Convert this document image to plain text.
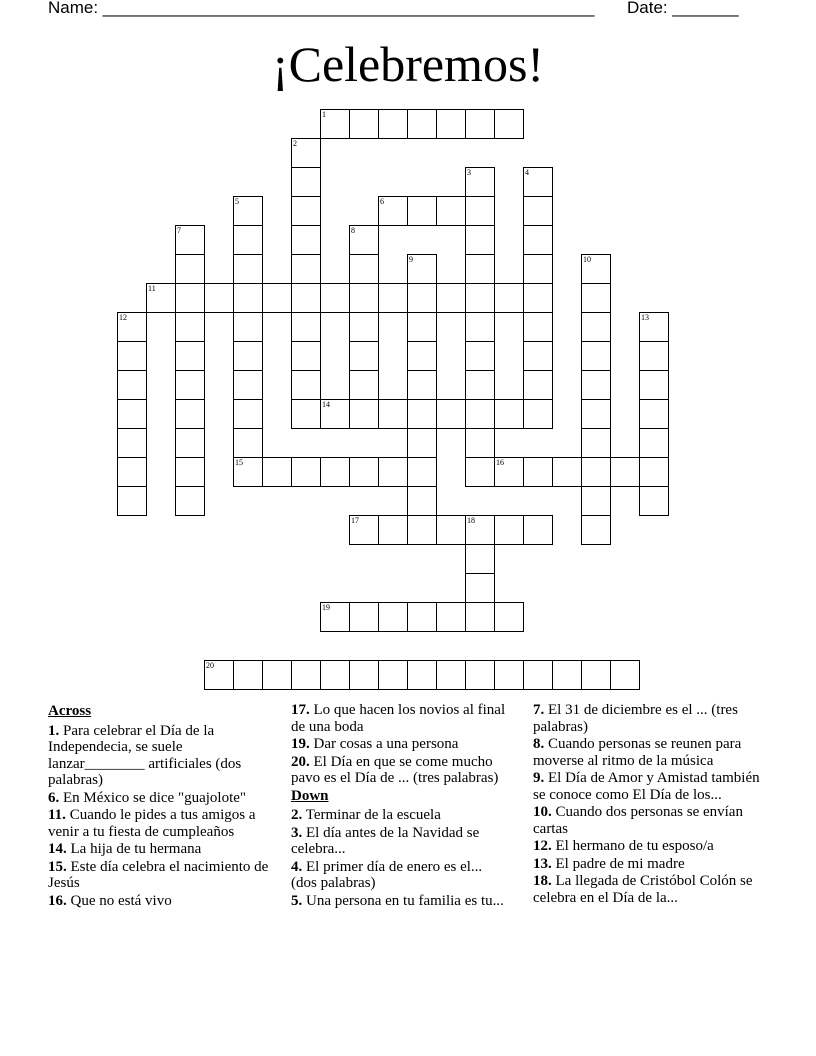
Name: ____________________________________________________ Date: _______
¡Celebremos!
1
2
3	4
5	6
7	8
9	10
11
12	13
14
15	16
17	18
19
20
Across
1. Para celebrar el Día de la Independecia, se suele lanzar________ artificiales (dos palabras)
6. En México se dice "guajolote"
11. Cuando le pides a tus amigos a venir a tu fiesta de cumpleaños
14. La hija de tu hermana
15. Este día celebra el nacimiento de Jesús
16. Que no está vivo
17. Lo que hacen los novios al final de una boda
19. Dar cosas a una persona
20. El Día en que se come mucho pavo es el Día de ... (tres palabras)
Down
2. Terminar de la escuela
3. El día antes de la Navidad se celebra...
4. El primer día de enero es el... (dos palabras)
5. Una persona en tu familia es tu...
7. El 31 de diciembre es el ... (tres palabras)
8. Cuando personas se reunen para moverse al ritmo de la música
9. El Día de Amor y Amistad también se conoce como El Día de los...
10. Cuando dos personas se envían cartas
12. El hermano de tu esposo/a
13. El padre de mi madre
18. La llegada de Cristóbol Colón se celebra en el Día de la...
